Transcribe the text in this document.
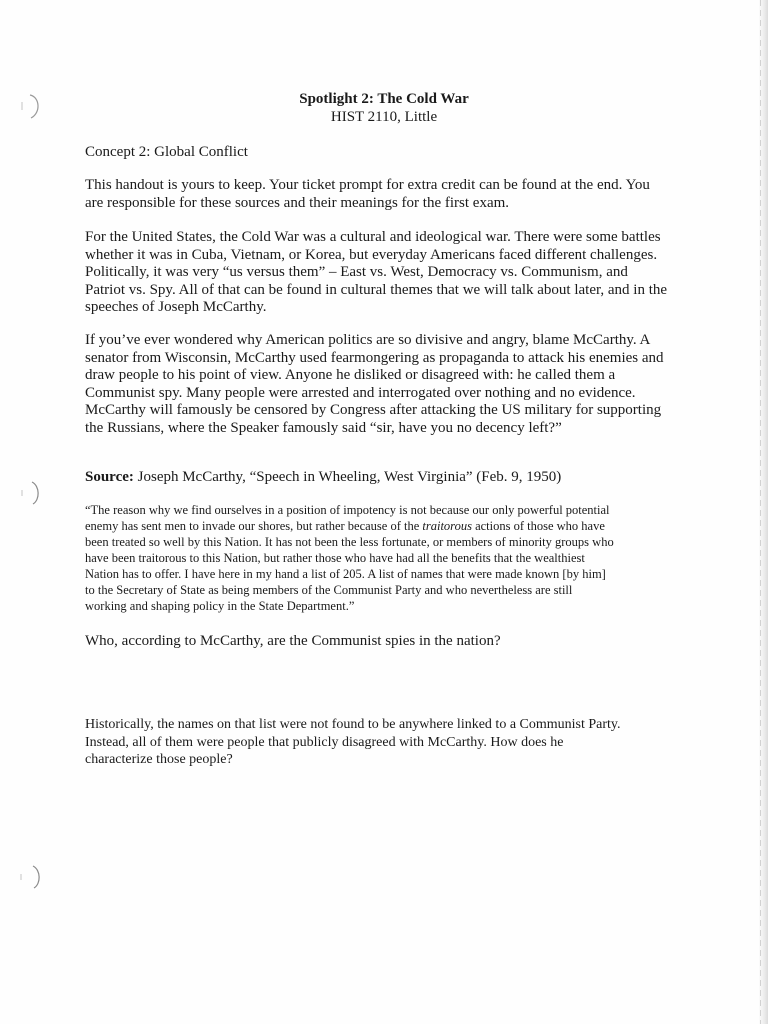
Spotlight 2: The Cold War
HIST 2110, Little
Concept 2: Global Conflict

This handout is yours to keep. Your ticket prompt for extra credit can be found at the end. You
are responsible for these sources and their meanings for the first exam.

For the United States, the Cold War was a cultural and ideological war. There were some battles
whether it was in Cuba, Vietnam, or Korea, but everyday Americans faced different challenges.
Politically, it was very “us versus them” – East vs. West, Democracy vs. Communism, and
Patriot vs. Spy. All of that can be found in cultural themes that we will talk about later, and in the
speeches of Joseph McCarthy.

If you’ve ever wondered why American politics are so divisive and angry, blame McCarthy. A
senator from Wisconsin, McCarthy used fearmongering as propaganda to attack his enemies and
draw people to his point of view. Anyone he disliked or disagreed with: he called them a
Communist spy. Many people were arrested and interrogated over nothing and no evidence.
McCarthy will famously be censored by Congress after attacking the US military for supporting
the Russians, where the Speaker famously said “sir, have you no decency left?”

Source: Joseph McCarthy, “Speech in Wheeling, West Virginia” (Feb. 9, 1950)

“The reason why we find ourselves in a position of impotency is not because our only powerful potential
enemy has sent men to invade our shores, but rather because of the traitorous actions of those who have
been treated so well by this Nation. It has not been the less fortunate, or members of minority groups who
have been traitorous to this Nation, but rather those who have had all the benefits that the wealthiest
Nation has to offer. I have here in my hand a list of 205. A list of names that were made known [by him]
to the Secretary of State as being members of the Communist Party and who nevertheless are still
working and shaping policy in the State Department.”

Who, according to McCarthy, are the Communist spies in the nation?

Historically, the names on that list were not found to be anywhere linked to a Communist Party.
Instead, all of them were people that publicly disagreed with McCarthy. How does he
characterize those people?
